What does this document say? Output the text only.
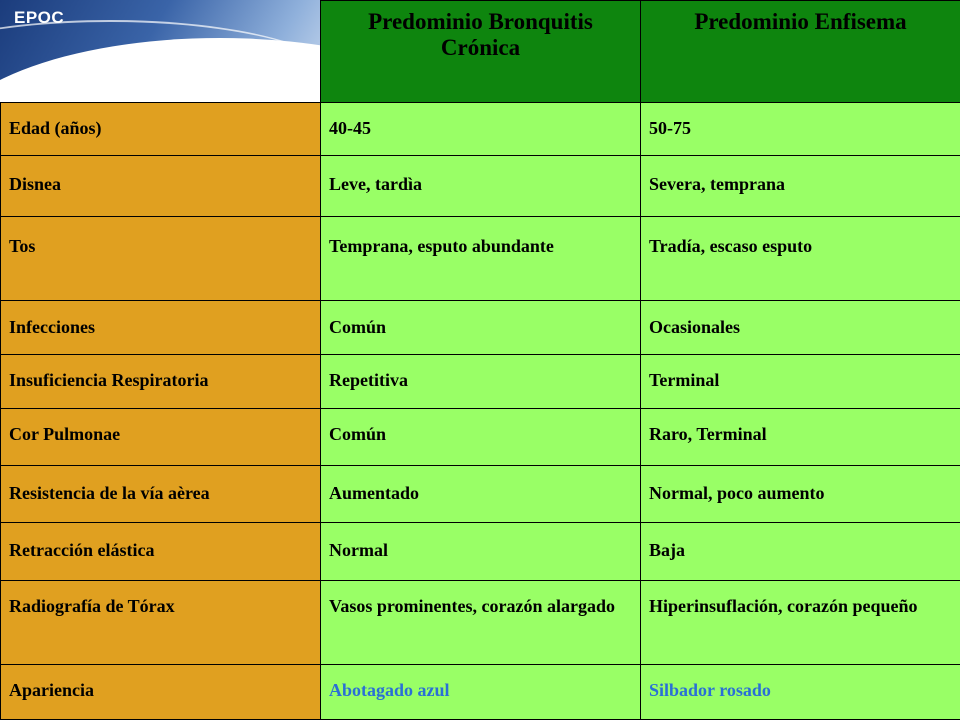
	Predominio Bronquitis Crónica	Predominio Enfisema
Edad (años)	40-45	50-75
Disnea	Leve, tardìa	Severa, temprana
Tos	Temprana, esputo abundante	Tradía, escaso esputo
Infecciones	Común	Ocasionales
Insuficiencia Respiratoria	Repetitiva	Terminal
Cor Pulmonae	Común	Raro, Terminal
Resistencia de la vía aèrea	Aumentado	Normal, poco aumento
Retracción elástica	Normal	Baja
Radiografía de Tórax	Vasos prominentes, corazón alargado	Hiperinsuflación, corazón pequeño
Apariencia	Abotagado azul	Silbador rosado
EPOC
